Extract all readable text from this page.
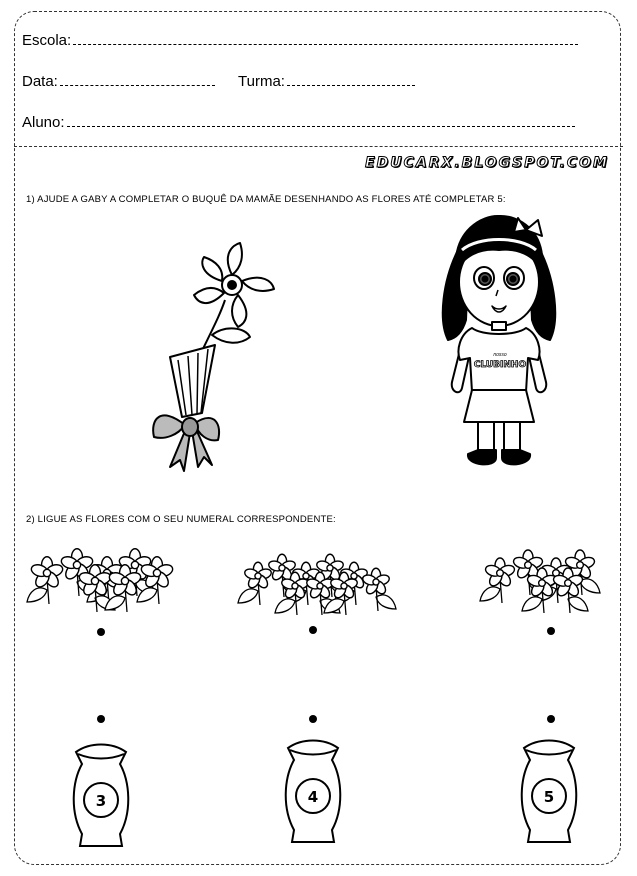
Escola:
Data:	Turma:
Aluno:
EDUCARX.BLOGSPOT.COM
1) AJUDE A GABY A COMPLETAR O BUQUÊ DA MAMÃE DESENHANDO AS FLORES ATÉ COMPLETAR 5:
nosso
CLUBINHO
2) LIGUE AS FLORES COM O SEU NUMERAL CORRESPONDENTE:
3	4	5
